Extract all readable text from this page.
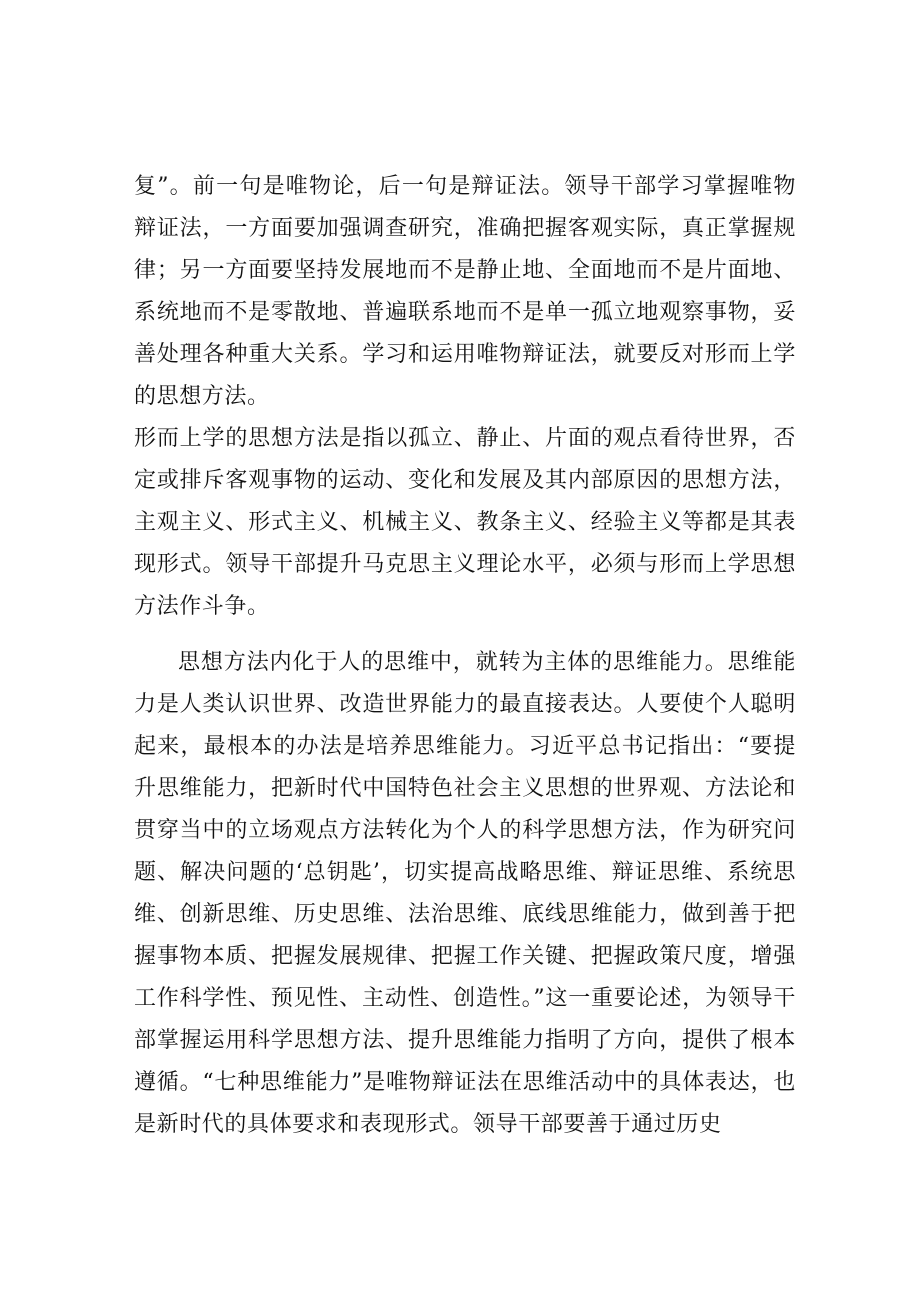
复”。前一句是唯物论，后一句是辩证法。领导干部学习掌握唯物辩证法，一方面要加强调查研究，准确把握客观实际，真正掌握规律；另一方面要坚持发展地而不是静止地、全面地而不是片面地、系统地而不是零散地、普遍联系地而不是单一孤立地观察事物，妥善处理各种重大关系。学习和运用唯物辩证法，就要反对形而上学的思想方法。

形而上学的思想方法是指以孤立、静止、片面的观点看待世界，否定或排斥客观事物的运动、变化和发展及其内部原因的思想方法，主观主义、形式主义、机械主义、教条主义、经验主义等都是其表现形式。领导干部提升马克思主义理论水平，必须与形而上学思想方法作斗争。

思想方法内化于人的思维中，就转为主体的思维能力。思维能力是人类认识世界、改造世界能力的最直接表达。人要使个人聪明起来，最根本的办法是培养思维能力。习近平总书记指出：“要提升思维能力，把新时代中国特色社会主义思想的世界观、方法论和贯穿当中的立场观点方法转化为个人的科学思想方法，作为研究问题、解决问题的‘总钥匙’，切实提高战略思维、辩证思维、系统思维、创新思维、历史思维、法治思维、底线思维能力，做到善于把握事物本质、把握发展规律、把握工作关键、把握政策尺度，增强工作科学性、预见性、主动性、创造性。”这一重要论述，为领导干部掌握运用科学思想方法、提升思维能力指明了方向，提供了根本遵循。“七种思维能力”是唯物辩证法在思维活动中的具体表达，也是新时代的具体要求和表现形式。领导干部要善于通过历史
